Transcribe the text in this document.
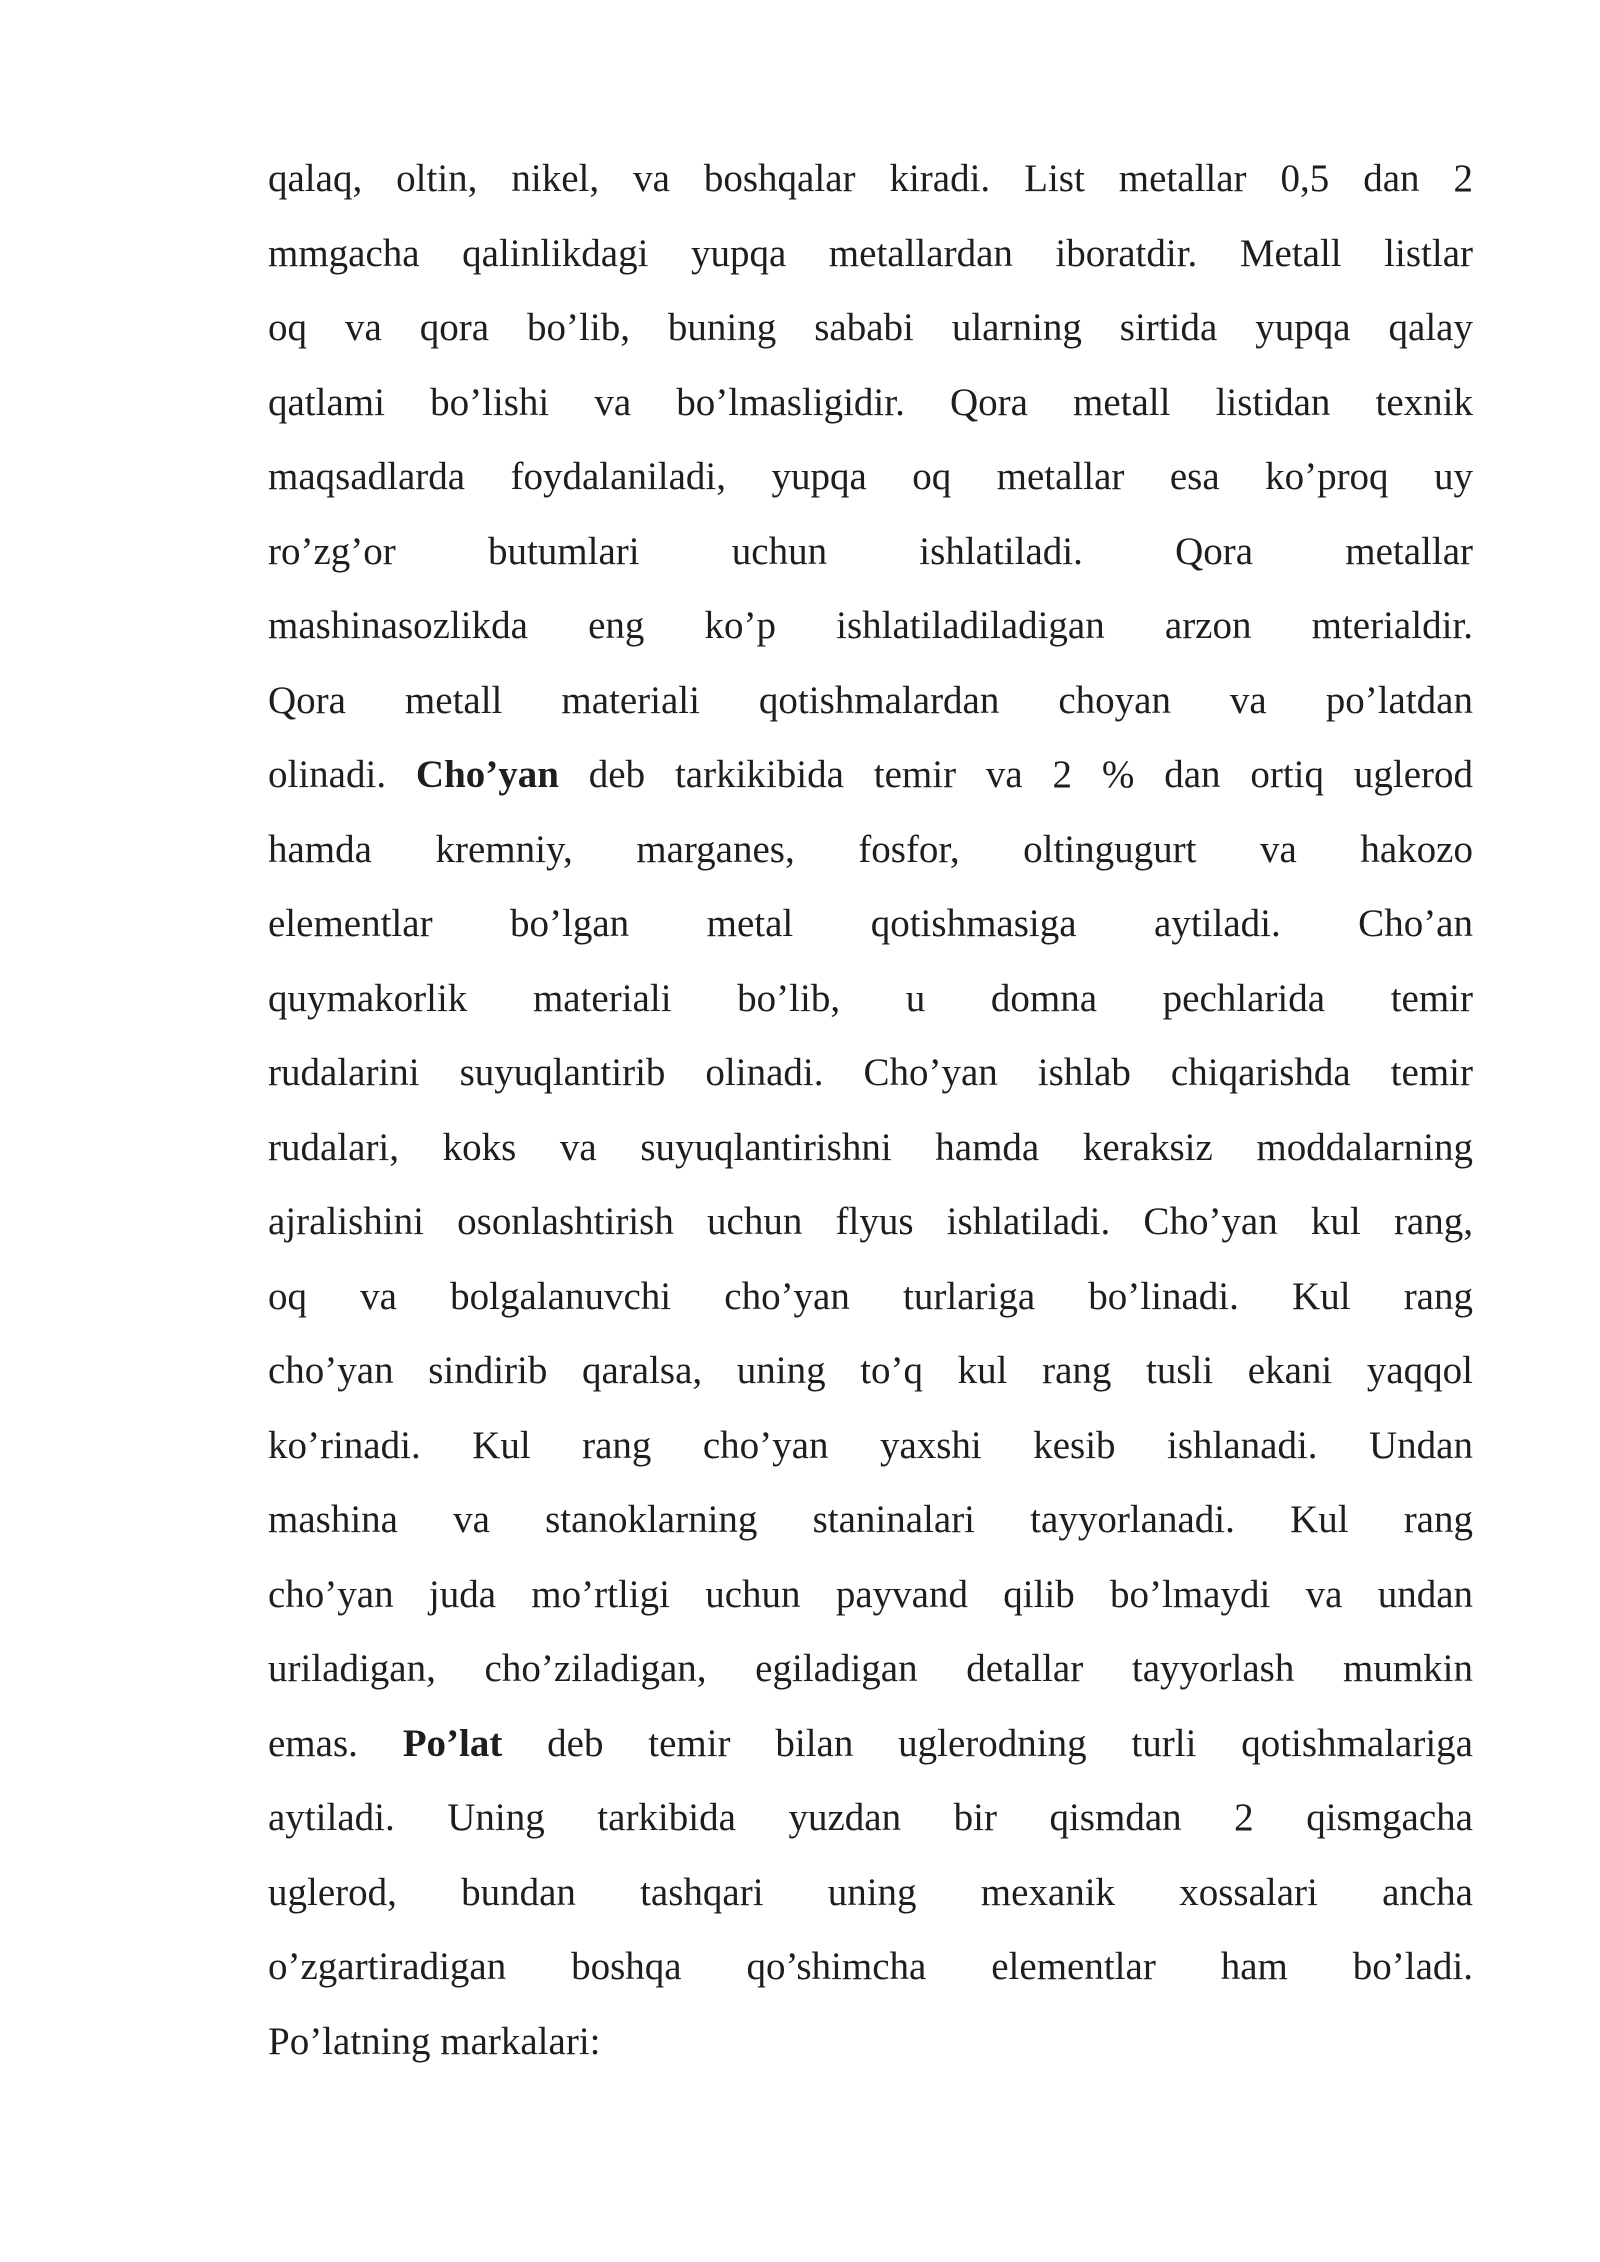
qalaq, oltin, nikel, va boshqalar kiradi. List metallar 0,5 dan 2
mmgacha qalinlikdagi yupqa metallardan iboratdir. Metall listlar
oq va qora bo’lib, buning sababi ularning sirtida yupqa qalay
qatlami bo’lishi va bo’lmasligidir. Qora metall listidan texnik
maqsadlarda foydalaniladi, yupqa oq metallar esa ko’proq uy
ro’zg’or butumlari uchun ishlatiladi. Qora metallar
mashinasozlikda eng ko’p ishlatiladiladigan arzon mterialdir.
Qora metall materiali qotishmalardan choyan va po’latdan
olinadi. Cho’yan deb tarkikibida temir va 2 % dan ortiq uglerod
hamda kremniy, marganes, fosfor, oltingugurt va hakozo
elementlar bo’lgan metal qotishmasiga aytiladi. Cho’an
quymakorlik materiali bo’lib, u domna pechlarida temir
rudalarini suyuqlantirib olinadi. Cho’yan ishlab chiqarishda temir
rudalari, koks va suyuqlantirishni hamda keraksiz moddalarning
ajralishini osonlashtirish uchun flyus ishlatiladi. Cho’yan kul rang,
oq va bolgalanuvchi cho’yan turlariga bo’linadi. Kul rang
cho’yan sindirib qaralsa, uning to’q kul rang tusli ekani yaqqol
ko’rinadi. Kul rang cho’yan yaxshi kesib ishlanadi. Undan
mashina va stanoklarning staninalari tayyorlanadi. Kul rang
cho’yan juda mo’rtligi uchun payvand qilib bo’lmaydi va undan
uriladigan, cho’ziladigan, egiladigan detallar tayyorlash mumkin
emas. Po’lat deb temir bilan uglerodning turli qotishmalariga
aytiladi. Uning tarkibida yuzdan bir qismdan 2 qismgacha
uglerod, bundan tashqari uning mexanik xossalari ancha
o’zgartiradigan boshqa qo’shimcha elementlar ham bo’ladi.
Po’latning markalari:
